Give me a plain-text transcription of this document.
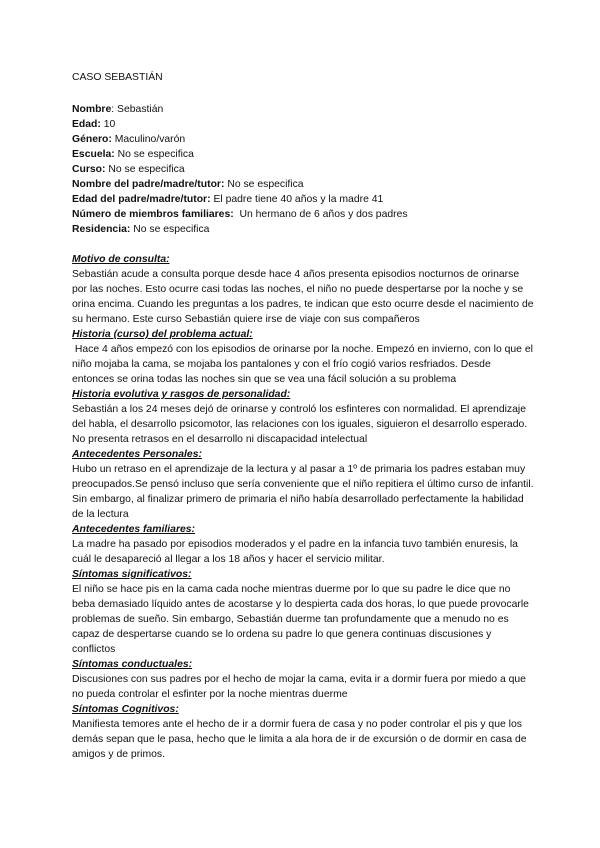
CASO SEBASTIÁN
Nombre: Sebastián
Edad: 10
Género: Maculino/varón
Escuela: No se especifica
Curso: No se especifica
Nombre del padre/madre/tutor: No se especifica
Edad del padre/madre/tutor: El padre tiene 40 años y la madre 41
Número de miembros familiares: Un hermano de 6 años y dos padres
Residencia: No se especifica
Motivo de consulta:
Sebastián acude a consulta porque desde hace 4 años presenta episodios nocturnos de orinarse por las noches. Esto ocurre casi todas las noches, el niño no puede despertarse por la noche y se orina encima. Cuando les preguntas a los padres, te indican que esto ocurre desde el nacimiento de su hermano. Este curso Sebastián quiere irse de viaje con sus compañeros
Historia (curso) del problema actual:
Hace 4 años empezó con los episodios de orinarse por la noche. Empezó en invierno, con lo que el niño mojaba la cama, se mojaba los pantalones y con el frío cogió varios resfriados. Desde entonces se orina todas las noches sin que se vea una fácil solución a su problema
Historia evolutiva y rasgos de personalidad:
Sebastián a los 24 meses dejó de orinarse y controló los esfinteres con normalidad. El aprendizaje del habla, el desarrollo psicomotor, las relaciones con los iguales, siguieron el desarrollo esperado. No presenta retrasos en el desarrollo ni discapacidad intelectual
Antecedentes Personales:
Hubo un retraso en el aprendizaje de la lectura y al pasar a 1º de primaria los padres estaban muy preocupados.Se pensó incluso que sería conveniente que el niño repitiera el último curso de infantil. Sin embargo, al finalizar primero de primaria el niño había desarrollado perfectamente la habilidad de la lectura
Antecedentes familiares:
La madre ha pasado por episodios moderados y el padre en la infancia tuvo también enuresis, la cuál le desapareció al llegar a los 18 años y hacer el servicio militar.
Síntomas significativos:
El niño se hace pis en la cama cada noche mientras duerme por lo que su padre le dice que no beba demasiado líquido antes de acostarse y lo despierta cada dos horas, lo que puede provocarle problemas de sueño. Sin embargo, Sebastián duerme tan profundamente que a menudo no es capaz de despertarse cuando se lo ordena su padre lo que genera continuas discusiones y conflictos
Síntomas conductuales:
Discusiones con sus padres por el hecho de mojar la cama, evita ir a dormir fuera por miedo a que no pueda controlar el esfinter por la noche mientras duerme
Síntomas Cognitivos:
Manifiesta temores ante el hecho de ir a dormir fuera de casa y no poder controlar el pis y que los demás sepan que le pasa, hecho que le limita a ala hora de ir de excursión o de dormir en casa de amigos y de primos.
